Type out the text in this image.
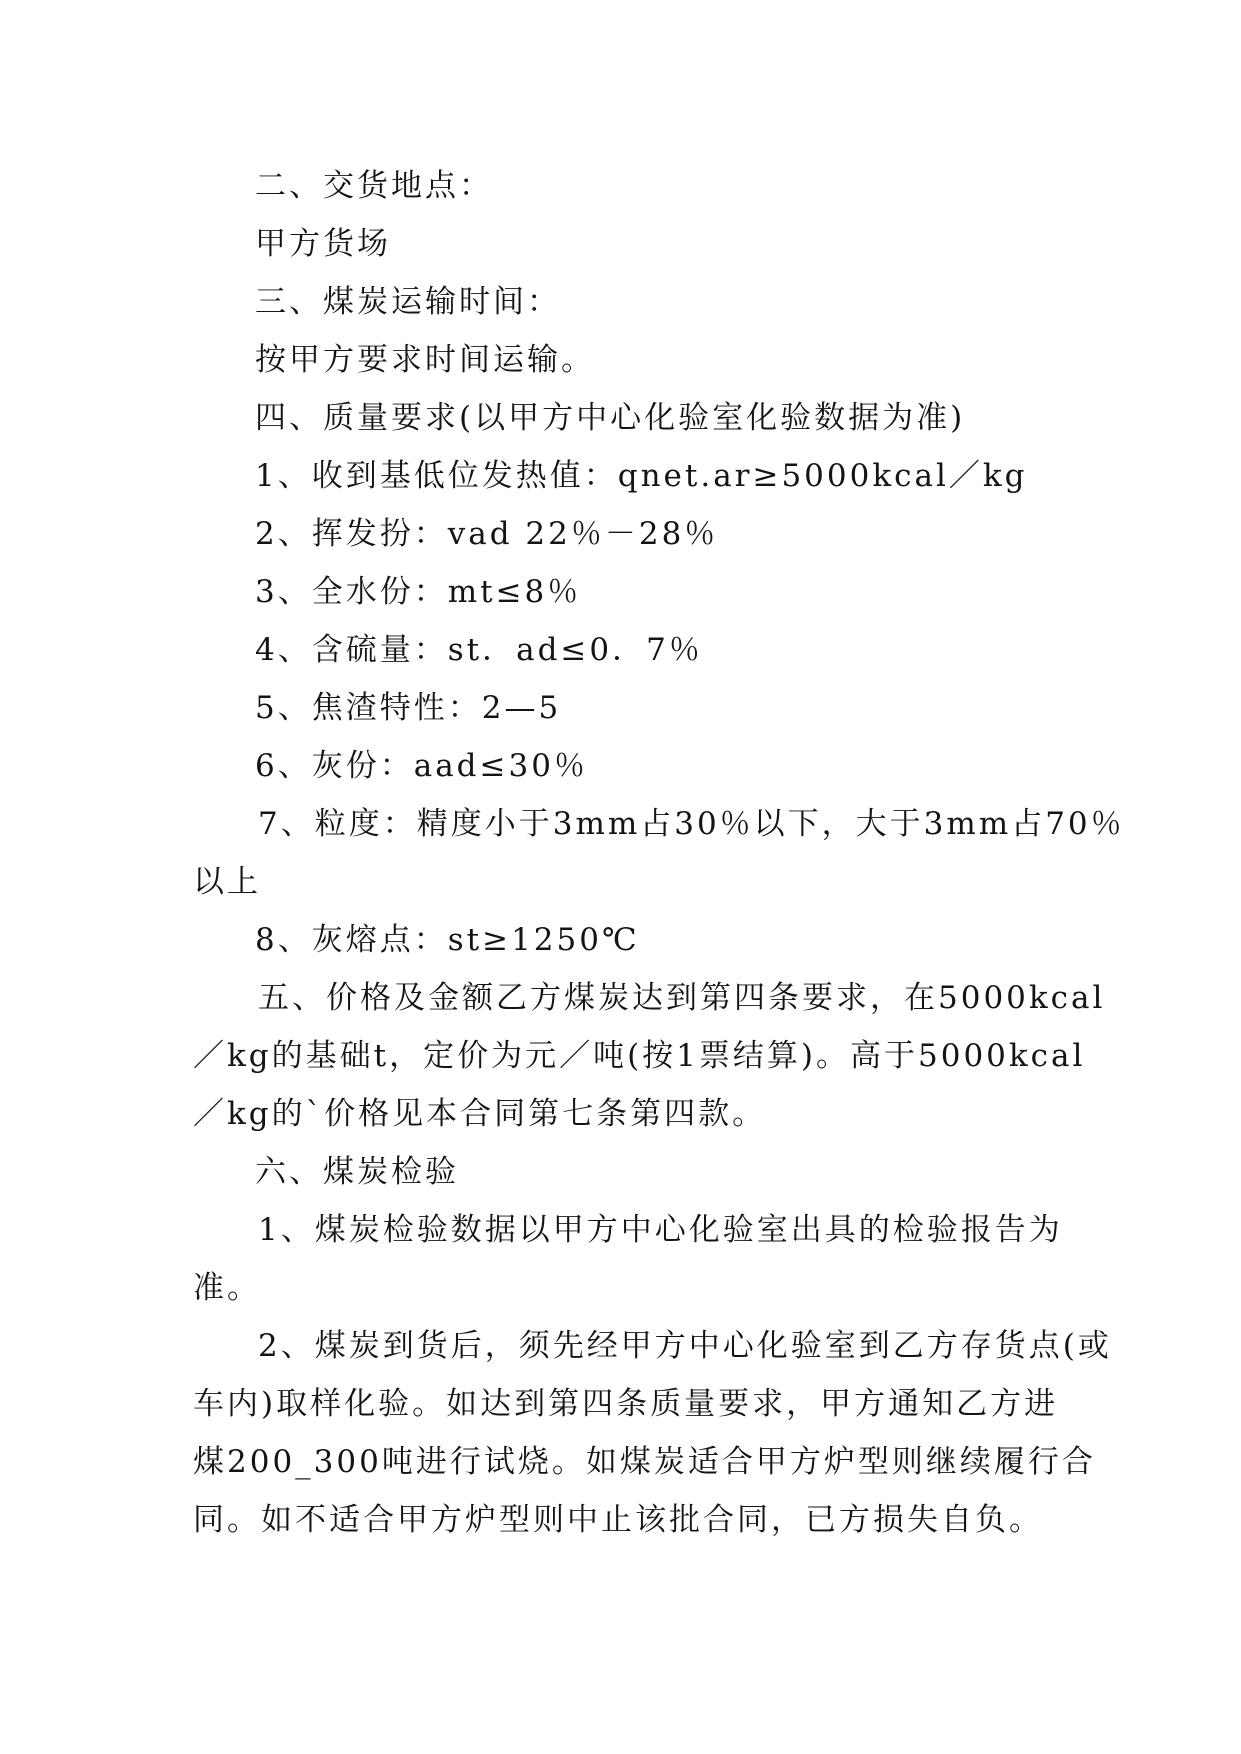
二、交货地点：

甲方货场

三、煤炭运输时间：

按甲方要求时间运输。

四、质量要求(以甲方中心化验室化验数据为准)

1、收到基低位发热值：qnet.ar≥5000kcal／kg

2、挥发扮：vad 22％－28％

3、全水份：mt≤8％

4、含硫量：st．ad≤0．7％

5、焦渣特性：2—5

6、灰份：aad≤30％

7、粒度：精度小于3mm占30％以下，大于3mm占70％

以上

8、灰熔点：st≥1250℃

五、价格及金额乙方煤炭达到第四条要求，在5000kcal

／kg的基础t，定价为元／吨(按1票结算)。高于5000kcal

／kg的`价格见本合同第七条第四款。

六、煤炭检验

1、煤炭检验数据以甲方中心化验室出具的检验报告为

准。

2、煤炭到货后，须先经甲方中心化验室到乙方存货点(或

车内)取样化验。如达到第四条质量要求，甲方通知乙方进

煤200_300吨进行试烧。如煤炭适合甲方炉型则继续履行合

同。如不适合甲方炉型则中止该批合同，已方损失自负。
